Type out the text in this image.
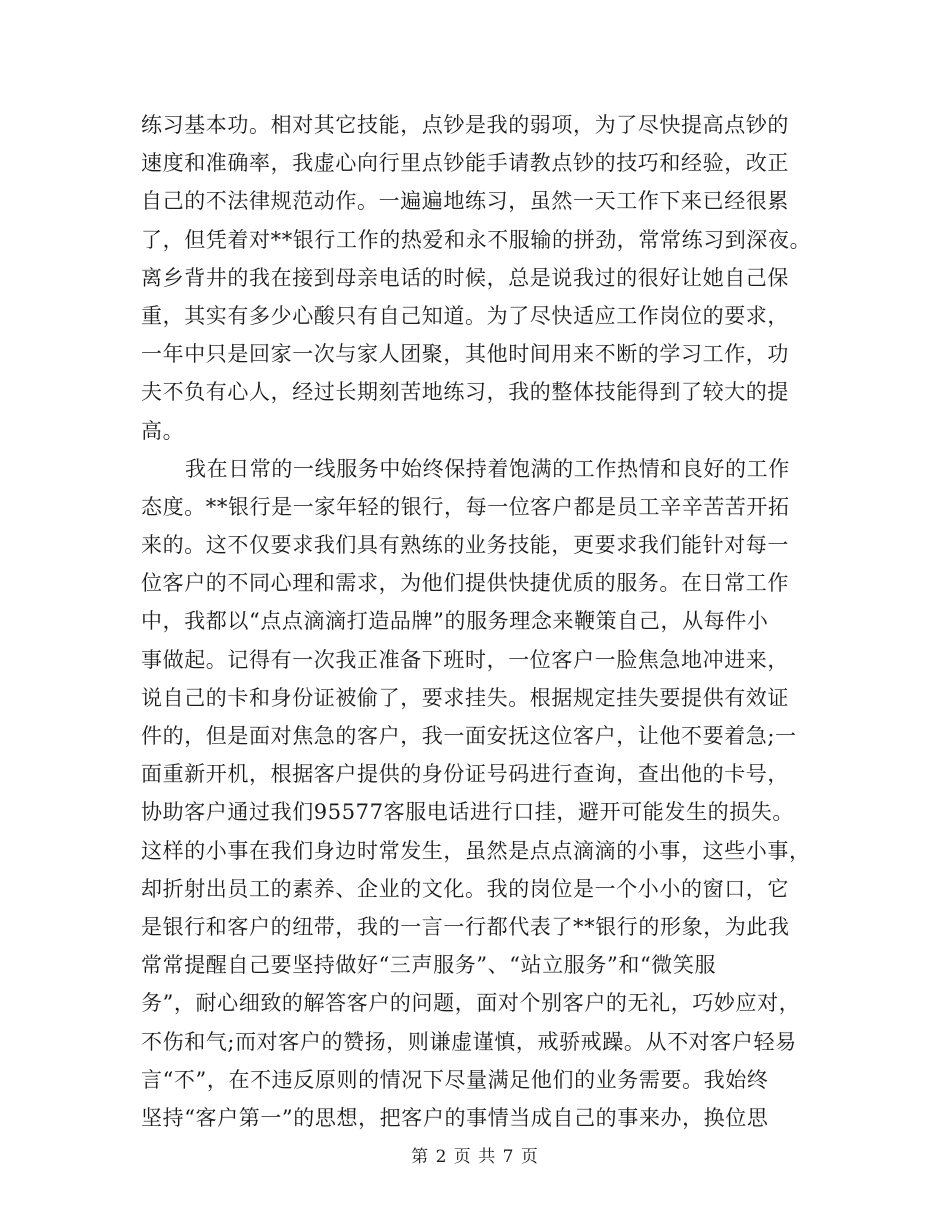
练习基本功。相对其它技能，点钞是我的弱项，为了尽快提高点钞的
速度和准确率，我虚心向行里点钞能手请教点钞的技巧和经验，改正
自己的不法律规范动作。一遍遍地练习，虽然一天工作下来已经很累
了，但凭着对**银行工作的热爱和永不服输的拼劲，常常练习到深夜。
离乡背井的我在接到母亲电话的时候，总是说我过的很好让她自己保
重，其实有多少心酸只有自己知道。为了尽快适应工作岗位的要求，
一年中只是回家一次与家人团聚，其他时间用来不断的学习工作，功
夫不负有心人，经过长期刻苦地练习，我的整体技能得到了较大的提
高。
我在日常的一线服务中始终保持着饱满的工作热情和良好的工作
态度。**银行是一家年轻的银行，每一位客户都是员工辛辛苦苦开拓
来的。这不仅要求我们具有熟练的业务技能，更要求我们能针对每一
位客户的不同心理和需求，为他们提供快捷优质的服务。在日常工作
中，我都以“点点滴滴打造品牌”的服务理念来鞭策自己，从每件小
事做起。记得有一次我正准备下班时，一位客户一脸焦急地冲进来，
说自己的卡和身份证被偷了，要求挂失。根据规定挂失要提供有效证
件的，但是面对焦急的客户，我一面安抚这位客户，让他不要着急;一
面重新开机，根据客户提供的身份证号码进行查询，查出他的卡号，
协助客户通过我们95577客服电话进行口挂，避开可能发生的损失。
这样的小事在我们身边时常发生，虽然是点点滴滴的小事，这些小事，
却折射出员工的素养、企业的文化。我的岗位是一个小小的窗口，它
是银行和客户的纽带，我的一言一行都代表了**银行的形象，为此我
常常提醒自己要坚持做好“三声服务”、“站立服务”和“微笑服
务”，耐心细致的解答客户的问题，面对个别客户的无礼，巧妙应对，
不伤和气;而对客户的赞扬，则谦虚谨慎，戒骄戒躁。从不对客户轻易
言“不”，在不违反原则的情况下尽量满足他们的业务需要。我始终
坚持“客户第一”的思想，把客户的事情当成自己的事来办，换位思
第 2 页 共 7 页
